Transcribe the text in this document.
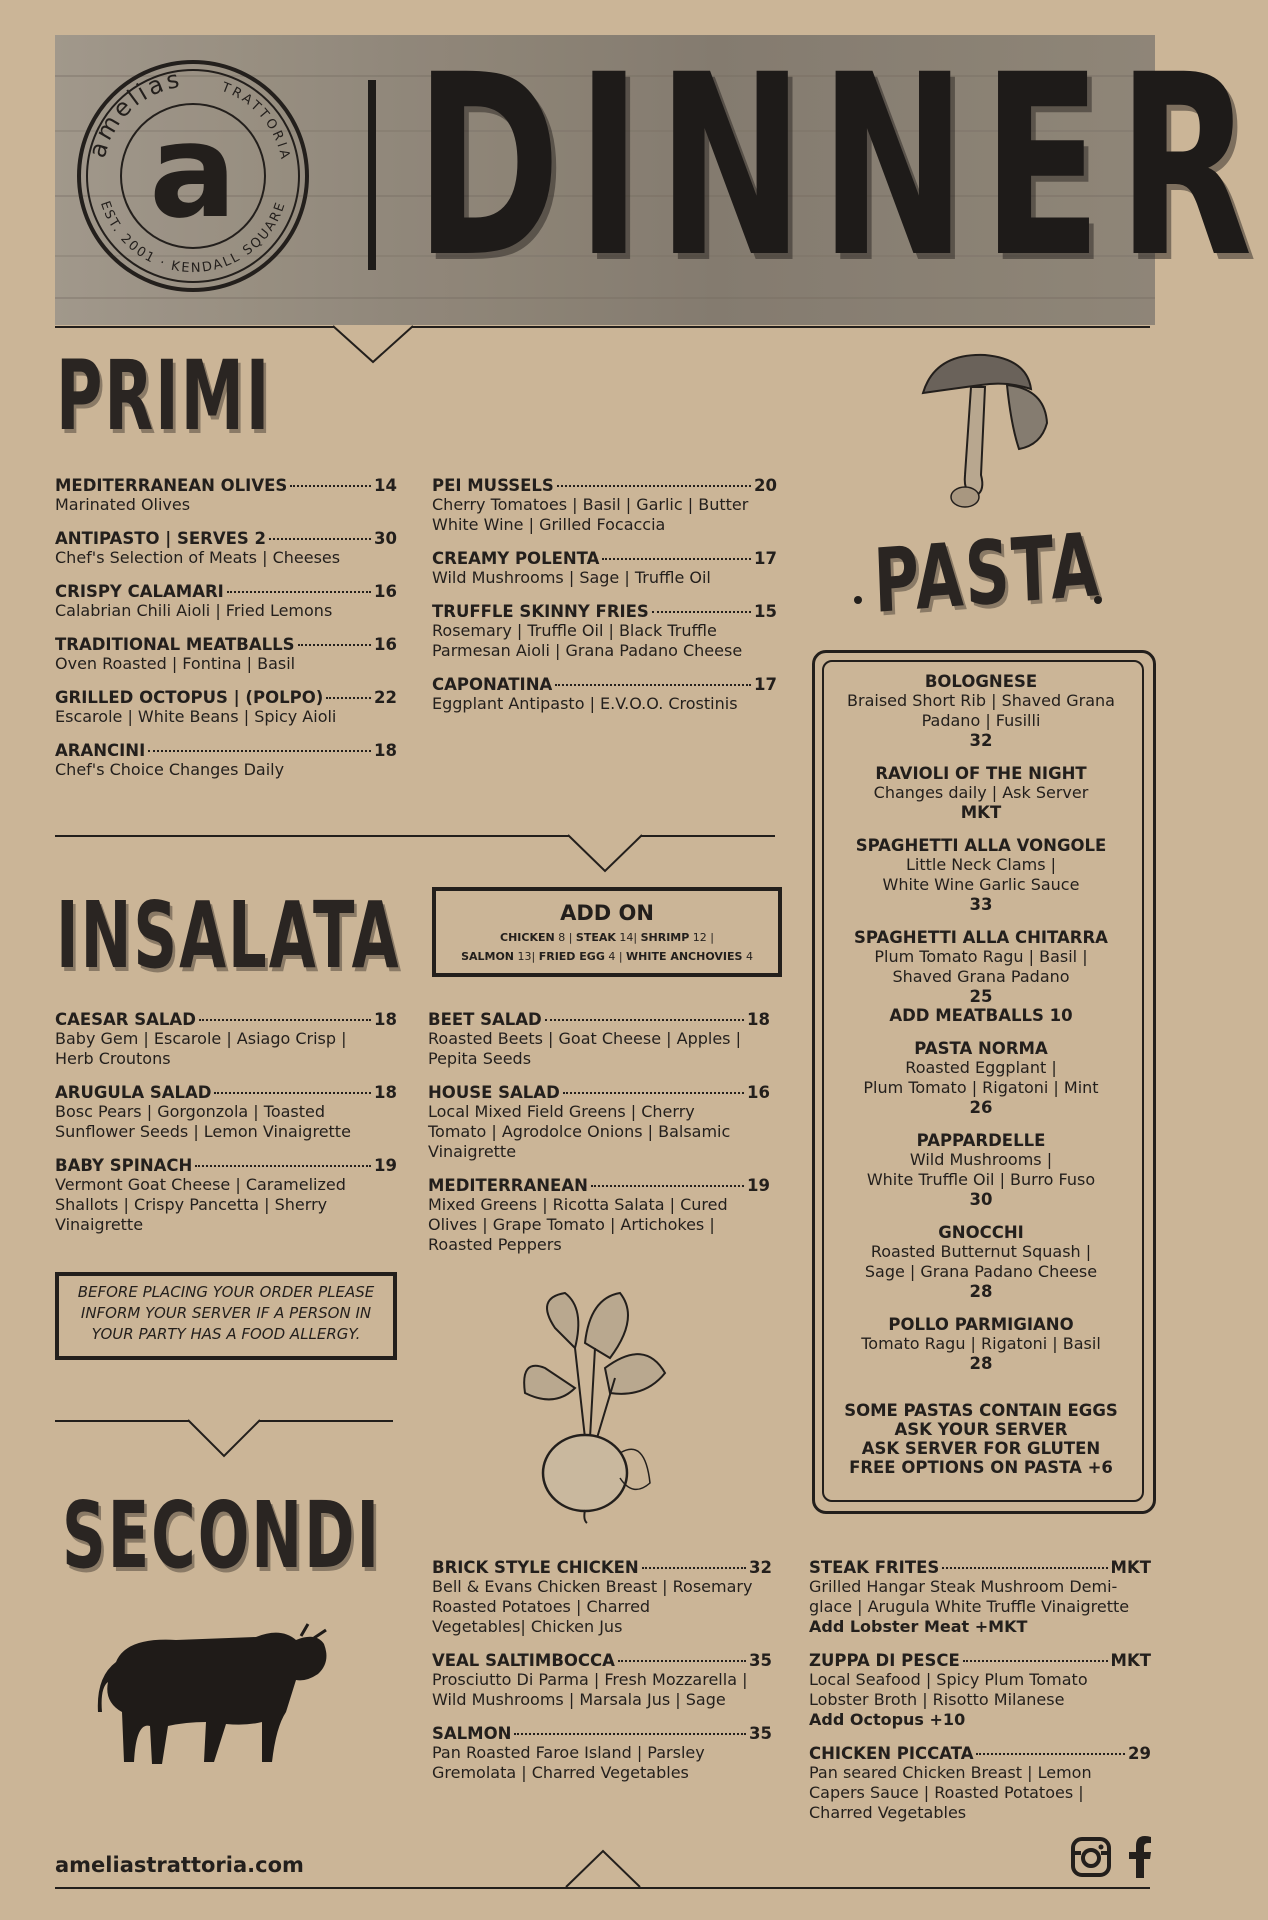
amelias	TRATTORIA
EST. 2001 · KENDALL SQUARE
a DINNER
PRIMI
MEDITERRANEAN OLIVES	14
Marinated Olives
ANTIPASTO | SERVES 2	30
Chef's Selection of Meats | Cheeses
CRISPY CALAMARI	16
Calabrian Chili Aioli | Fried Lemons
TRADITIONAL MEATBALLS	16
Oven Roasted | Fontina | Basil
GRILLED OCTOPUS | (POLPO)	22
Escarole | White Beans | Spicy Aioli
ARANCINI	18
Chef's Choice Changes Daily
PEI MUSSELS	20
Cherry Tomatoes | Basil | Garlic | Butter
White Wine | Grilled Focaccia
CREAMY POLENTA	17
Wild Mushrooms | Sage | Truffle Oil
TRUFFLE SKINNY FRIES	15
Rosemary | Truffle Oil | Black Truffle
Parmesan Aioli | Grana Padano Cheese
CAPONATINA	17
Eggplant Antipasto | E.V.O.O. Crostinis
PASTA
INSALATA	ADD ON
CHICKEN 8 | STEAK 14| SHRIMP 12 |
SALMON 13| FRIED EGG 4 | WHITE ANCHOVIES 4
CAESAR SALAD	18
Baby Gem | Escarole | Asiago Crisp |
Herb Croutons
ARUGULA SALAD	18
Bosc Pears | Gorgonzola | Toasted
Sunflower Seeds | Lemon Vinaigrette
BABY SPINACH	19
Vermont Goat Cheese | Caramelized
Shallots | Crispy Pancetta | Sherry
Vinaigrette
BEET SALAD	18
Roasted Beets | Goat Cheese | Apples |
Pepita Seeds
HOUSE SALAD	16
Local Mixed Field Greens | Cherry
Tomato | Agrodolce Onions | Balsamic
Vinaigrette
MEDITERRANEAN	19
Mixed Greens | Ricotta Salata | Cured
Olives | Grape Tomato | Artichokes |
Roasted Peppers
BEFORE PLACING YOUR ORDER PLEASE
INFORM YOUR SERVER IF A PERSON IN
YOUR PARTY HAS A FOOD ALLERGY.
BOLOGNESE
Braised Short Rib | Shaved Grana
Padano | Fusilli
32
RAVIOLI OF THE NIGHT
Changes daily | Ask Server
MKT
SPAGHETTI ALLA VONGOLE
Little Neck Clams |
White Wine Garlic Sauce
33
SPAGHETTI ALLA CHITARRA
Plum Tomato Ragu | Basil |
Shaved Grana Padano
25
ADD MEATBALLS 10
PASTA NORMA
Roasted Eggplant |
Plum Tomato | Rigatoni | Mint
26
PAPPARDELLE
Wild Mushrooms |
White Truffle Oil | Burro Fuso
30
GNOCCHI
Roasted Butternut Squash |
Sage | Grana Padano Cheese
28
POLLO PARMIGIANO
Tomato Ragu | Rigatoni | Basil
28
SOME PASTAS CONTAIN EGGS
ASK YOUR SERVER
ASK SERVER FOR GLUTEN
FREE OPTIONS ON PASTA +6
SECONDI	BRICK STYLE CHICKEN	32
Bell & Evans Chicken Breast | Rosemary
Roasted Potatoes | Charred
Vegetables| Chicken Jus
VEAL SALTIMBOCCA	35
Prosciutto Di Parma | Fresh Mozzarella |
Wild Mushrooms | Marsala Jus | Sage
SALMON	35
Pan Roasted Faroe Island | Parsley
Gremolata | Charred Vegetables
STEAK FRITES	MKT
Grilled Hangar Steak Mushroom Demi-
glace | Arugula White Truffle Vinaigrette
Add Lobster Meat +MKT
ZUPPA DI PESCE	MKT
Local Seafood | Spicy Plum Tomato
Lobster Broth | Risotto Milanese
Add Octopus +10
CHICKEN PICCATA	29
Pan seared Chicken Breast | Lemon
Capers Sauce | Roasted Potatoes |
Charred Vegetables
ameliastrattoria.com
